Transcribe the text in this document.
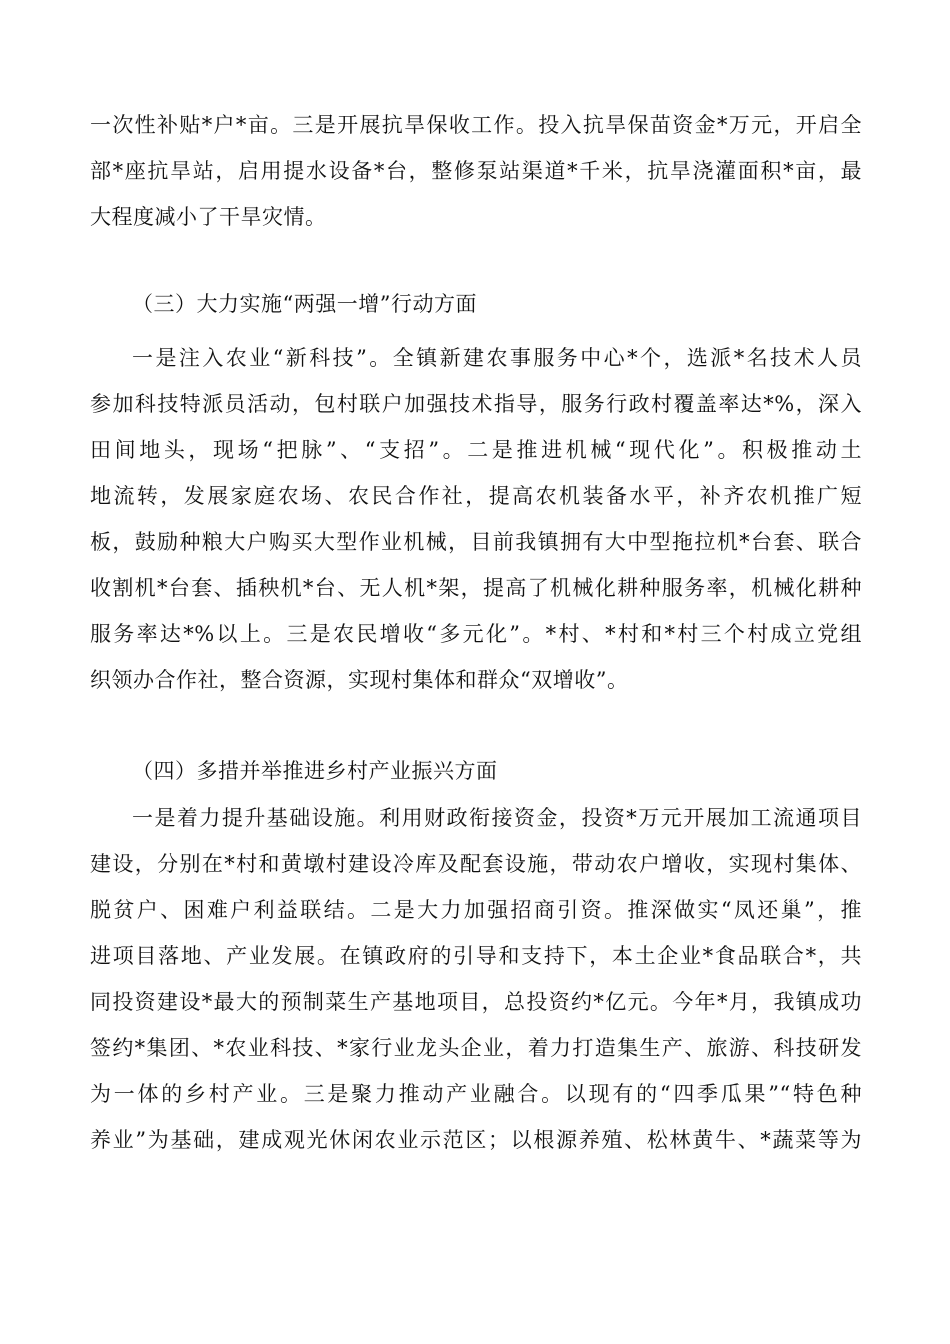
一次性补贴*户*亩。三是开展抗旱保收工作。投入抗旱保苗资金*万元，开启全
部*座抗旱站，启用提水设备*台，整修泵站渠道*千米，抗旱浇灌面积*亩，最
大程度减小了干旱灾情。
（三）大力实施“两强一增”行动方面
一是注入农业“新科技”。全镇新建农事服务中心*个，选派*名技术人员
参加科技特派员活动，包村联户加强技术指导，服务行政村覆盖率达*%，深入
田间地头，现场“把脉”、“支招”。二是推进机械“现代化”。积极推动土
地流转，发展家庭农场、农民合作社，提高农机装备水平，补齐农机推广短
板，鼓励种粮大户购买大型作业机械，目前我镇拥有大中型拖拉机*台套、联合
收割机*台套、插秧机*台、无人机*架，提高了机械化耕种服务率，机械化耕种
服务率达*%以上。三是农民增收“多元化”。*村、*村和*村三个村成立党组
织领办合作社，整合资源，实现村集体和群众“双增收”。
（四）多措并举推进乡村产业振兴方面
一是着力提升基础设施。利用财政衔接资金，投资*万元开展加工流通项目
建设，分别在*村和黄墩村建设冷库及配套设施，带动农户增收，实现村集体、
脱贫户、困难户利益联结。二是大力加强招商引资。推深做实“凤还巢”，推
进项目落地、产业发展。在镇政府的引导和支持下，本土企业*食品联合*，共
同投资建设*最大的预制菜生产基地项目，总投资约*亿元。今年*月，我镇成功
签约*集团、*农业科技、*家行业龙头企业，着力打造集生产、旅游、科技研发
为一体的乡村产业。三是聚力推动产业融合。以现有的“四季瓜果”“特色种
养业”为基础，建成观光休闲农业示范区；以根源养殖、松林黄牛、*蔬菜等为
